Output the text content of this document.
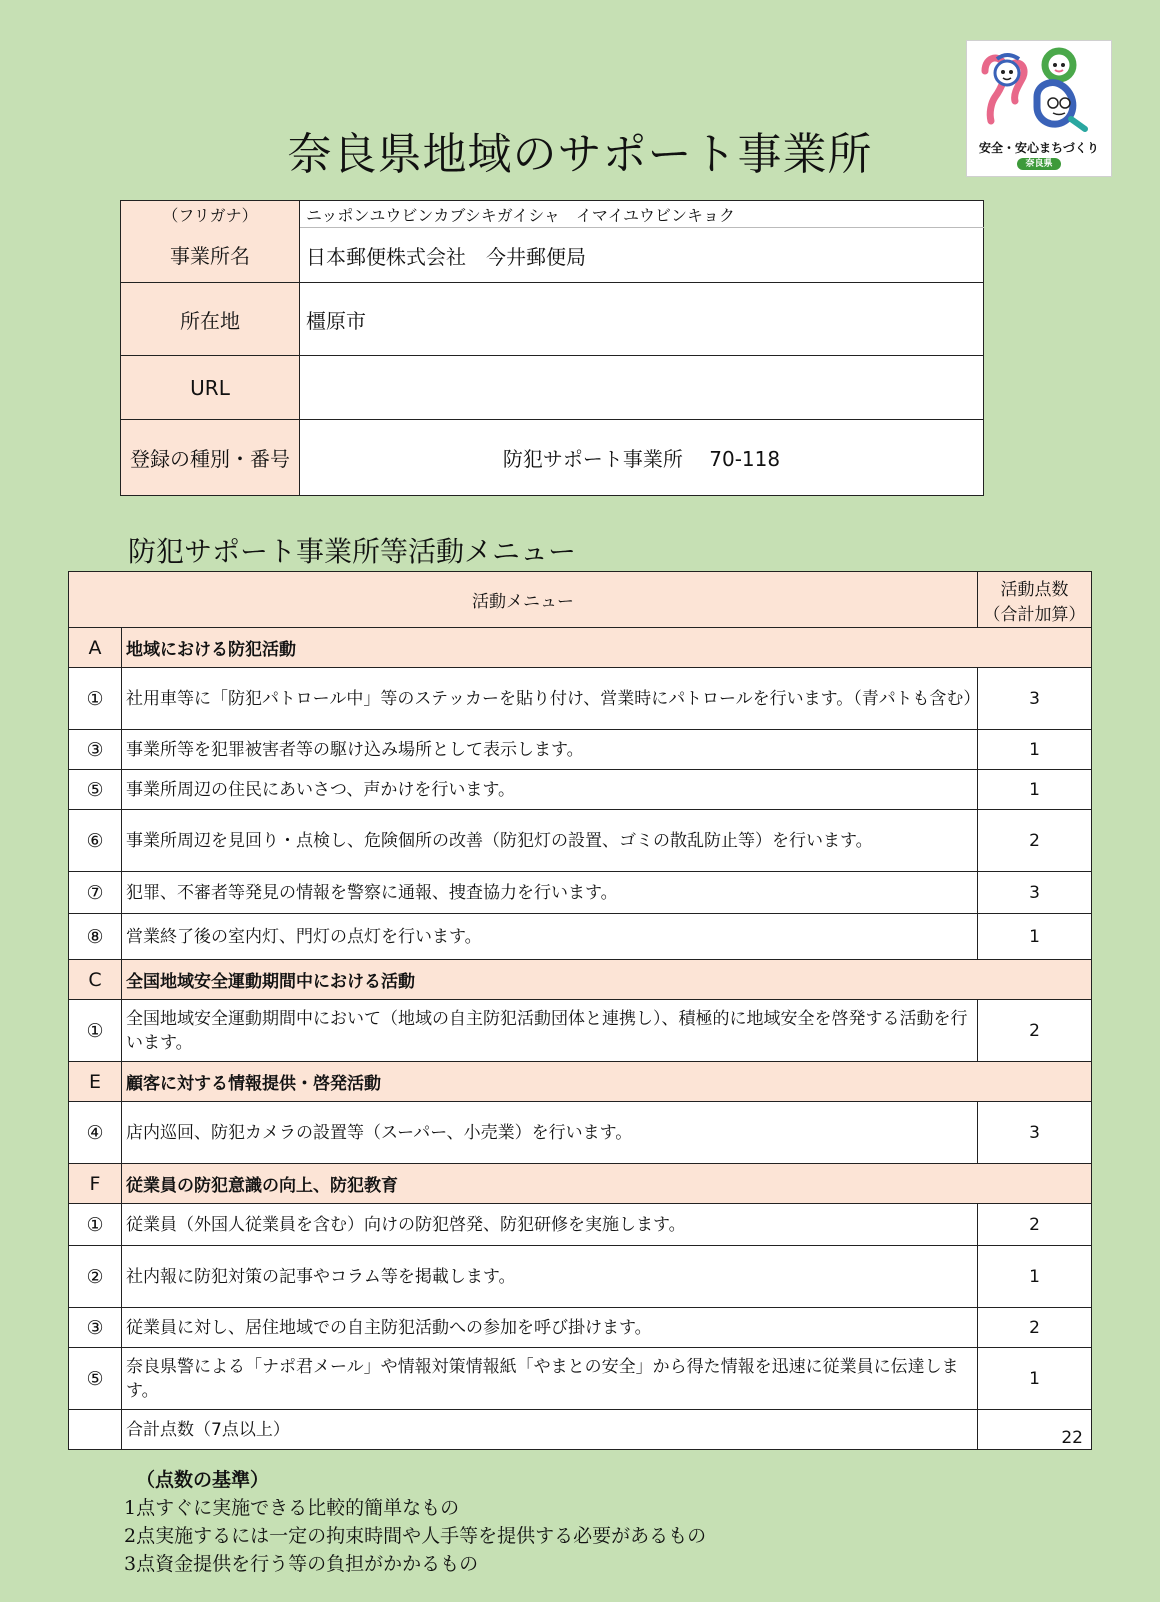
奈良県地域のサポート事業所	安全・安心まちづくり
奈良県
（フリガナ）	ニッポンユウビンカブシキガイシャ　イマイユウビンキョク
事業所名	日本郵便株式会社　今井郵便局
所在地	橿原市
URL	
登録の種別・番号	防犯サポート事業所　 70-118
防犯サポート事業所等活動メニュー
活動メニュー		活動点数
（合計加算）

A	地域における防犯活動	
①	社用車等に「防犯パトロール中」等のステッカーを貼り付け、営業時にパトロールを行います。（青パトも含む）	3
③	事業所等を犯罪被害者等の駆け込み場所として表示します。	1
⑤	事業所周辺の住民にあいさつ、声かけを行います。	1
⑥	事業所周辺を見回り・点検し、危険個所の改善（防犯灯の設置、ゴミの散乱防止等）を行います。	2
⑦	犯罪、不審者等発見の情報を警察に通報、捜査協力を行います。	3
⑧	営業終了後の室内灯、門灯の点灯を行います。	1
C	全国地域安全運動期間中における活動	
①	全国地域安全運動期間中において（地域の自主防犯活動団体と連携し）、積極的に地域安全を啓発する活動を行います。	2
E	顧客に対する情報提供・啓発活動	
④	店内巡回、防犯カメラの設置等（スーパー、小売業）を行います。	3
F	従業員の防犯意識の向上、防犯教育	
①	従業員（外国人従業員を含む）向けの防犯啓発、防犯研修を実施します。	2
②	社内報に防犯対策の記事やコラム等を掲載します。	1
③	従業員に対し、居住地域での自主防犯活動への参加を呼び掛けます。	2
⑤	奈良県警による「ナポ君メール」や情報対策情報紙「やまとの安全」から得た情報を迅速に従業員に伝達します。	1
	合計点数（7点以上）	22
（点数の基準）
1点すぐに実施できる比較的簡単なもの
2点実施するには一定の拘束時間や人手等を提供する必要があるもの
3点資金提供を行う等の負担がかかるもの
